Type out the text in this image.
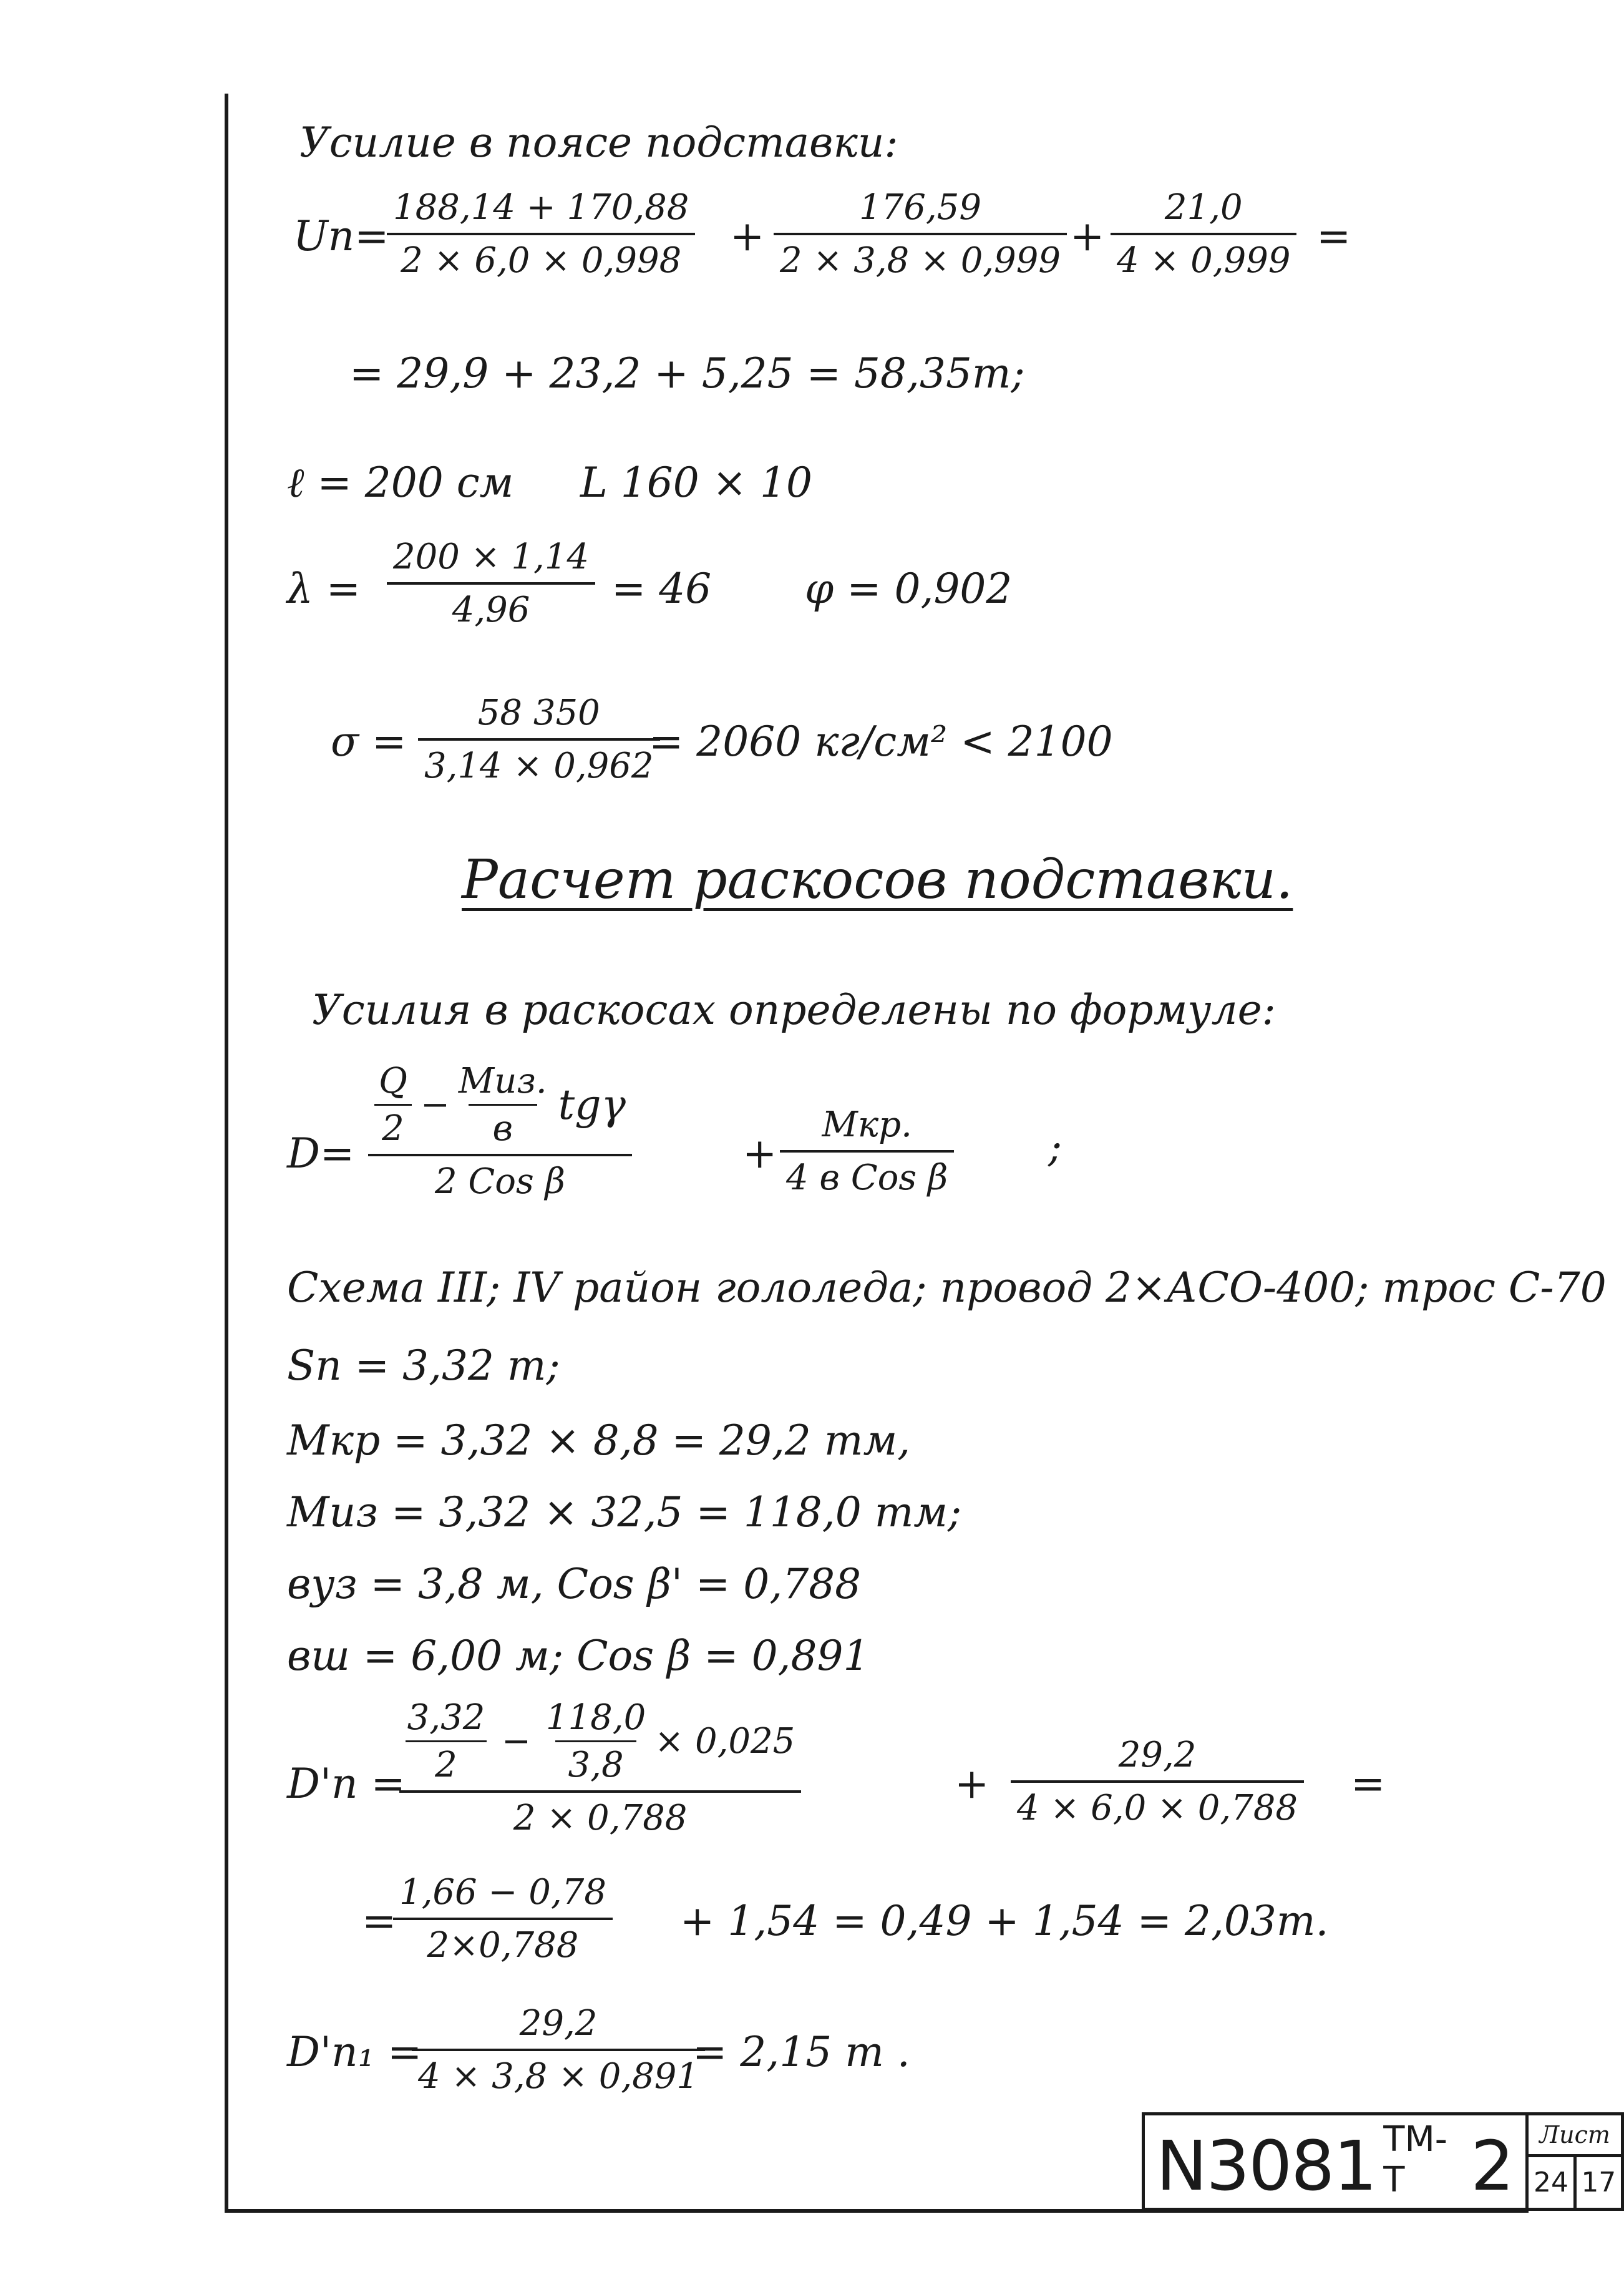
Усилие в поясе подставки:
Uп=
188,14 + 170,88
2 × 6,0 × 0,998
+
176,59
2 × 3,8 × 0,999
+
21,0
4 × 0,999
=
= 29,9 + 23,2 + 5,25 = 58,35т;
ℓ = 200 см L 160 × 10
λ =
200 × 1,14
4,96 = 46 φ = 0,902
σ =
58 350
3,14 × 0,962
= 2060 кг/см² < 2100
Расчет раскосов подставки.
Усилия в раскосах определены по формуле:
D=
Q
2
−
Mиз.
в tgγ
2 Cos β
+
Mкр.
4 в Cos β
;
Схема III; IV район гололеда; провод 2×АСО-400; трос С-70
Sп = 3,32 т;
Mкр = 3,32 × 8,8 = 29,2 тм,
Mиз = 3,32 × 32,5 = 118,0 тм;
вуз = 3,8 м, Cos β' = 0,788
вш = 6,00 м; Cos β = 0,891
D'п =
3,32
2
−
118,0
3,8
× 0,025
2 × 0,788
+
29,2
4 × 6,0 × 0,788
=
=
1,66 − 0,78
2×0,788
+ 1,54 = 0,49 + 1,54 = 2,03т.
D'п₁ =
29,2
4 × 3,8 × 0,891
= 2,15 т .
N3081 ТМ-Т 2	Лист
24 17
